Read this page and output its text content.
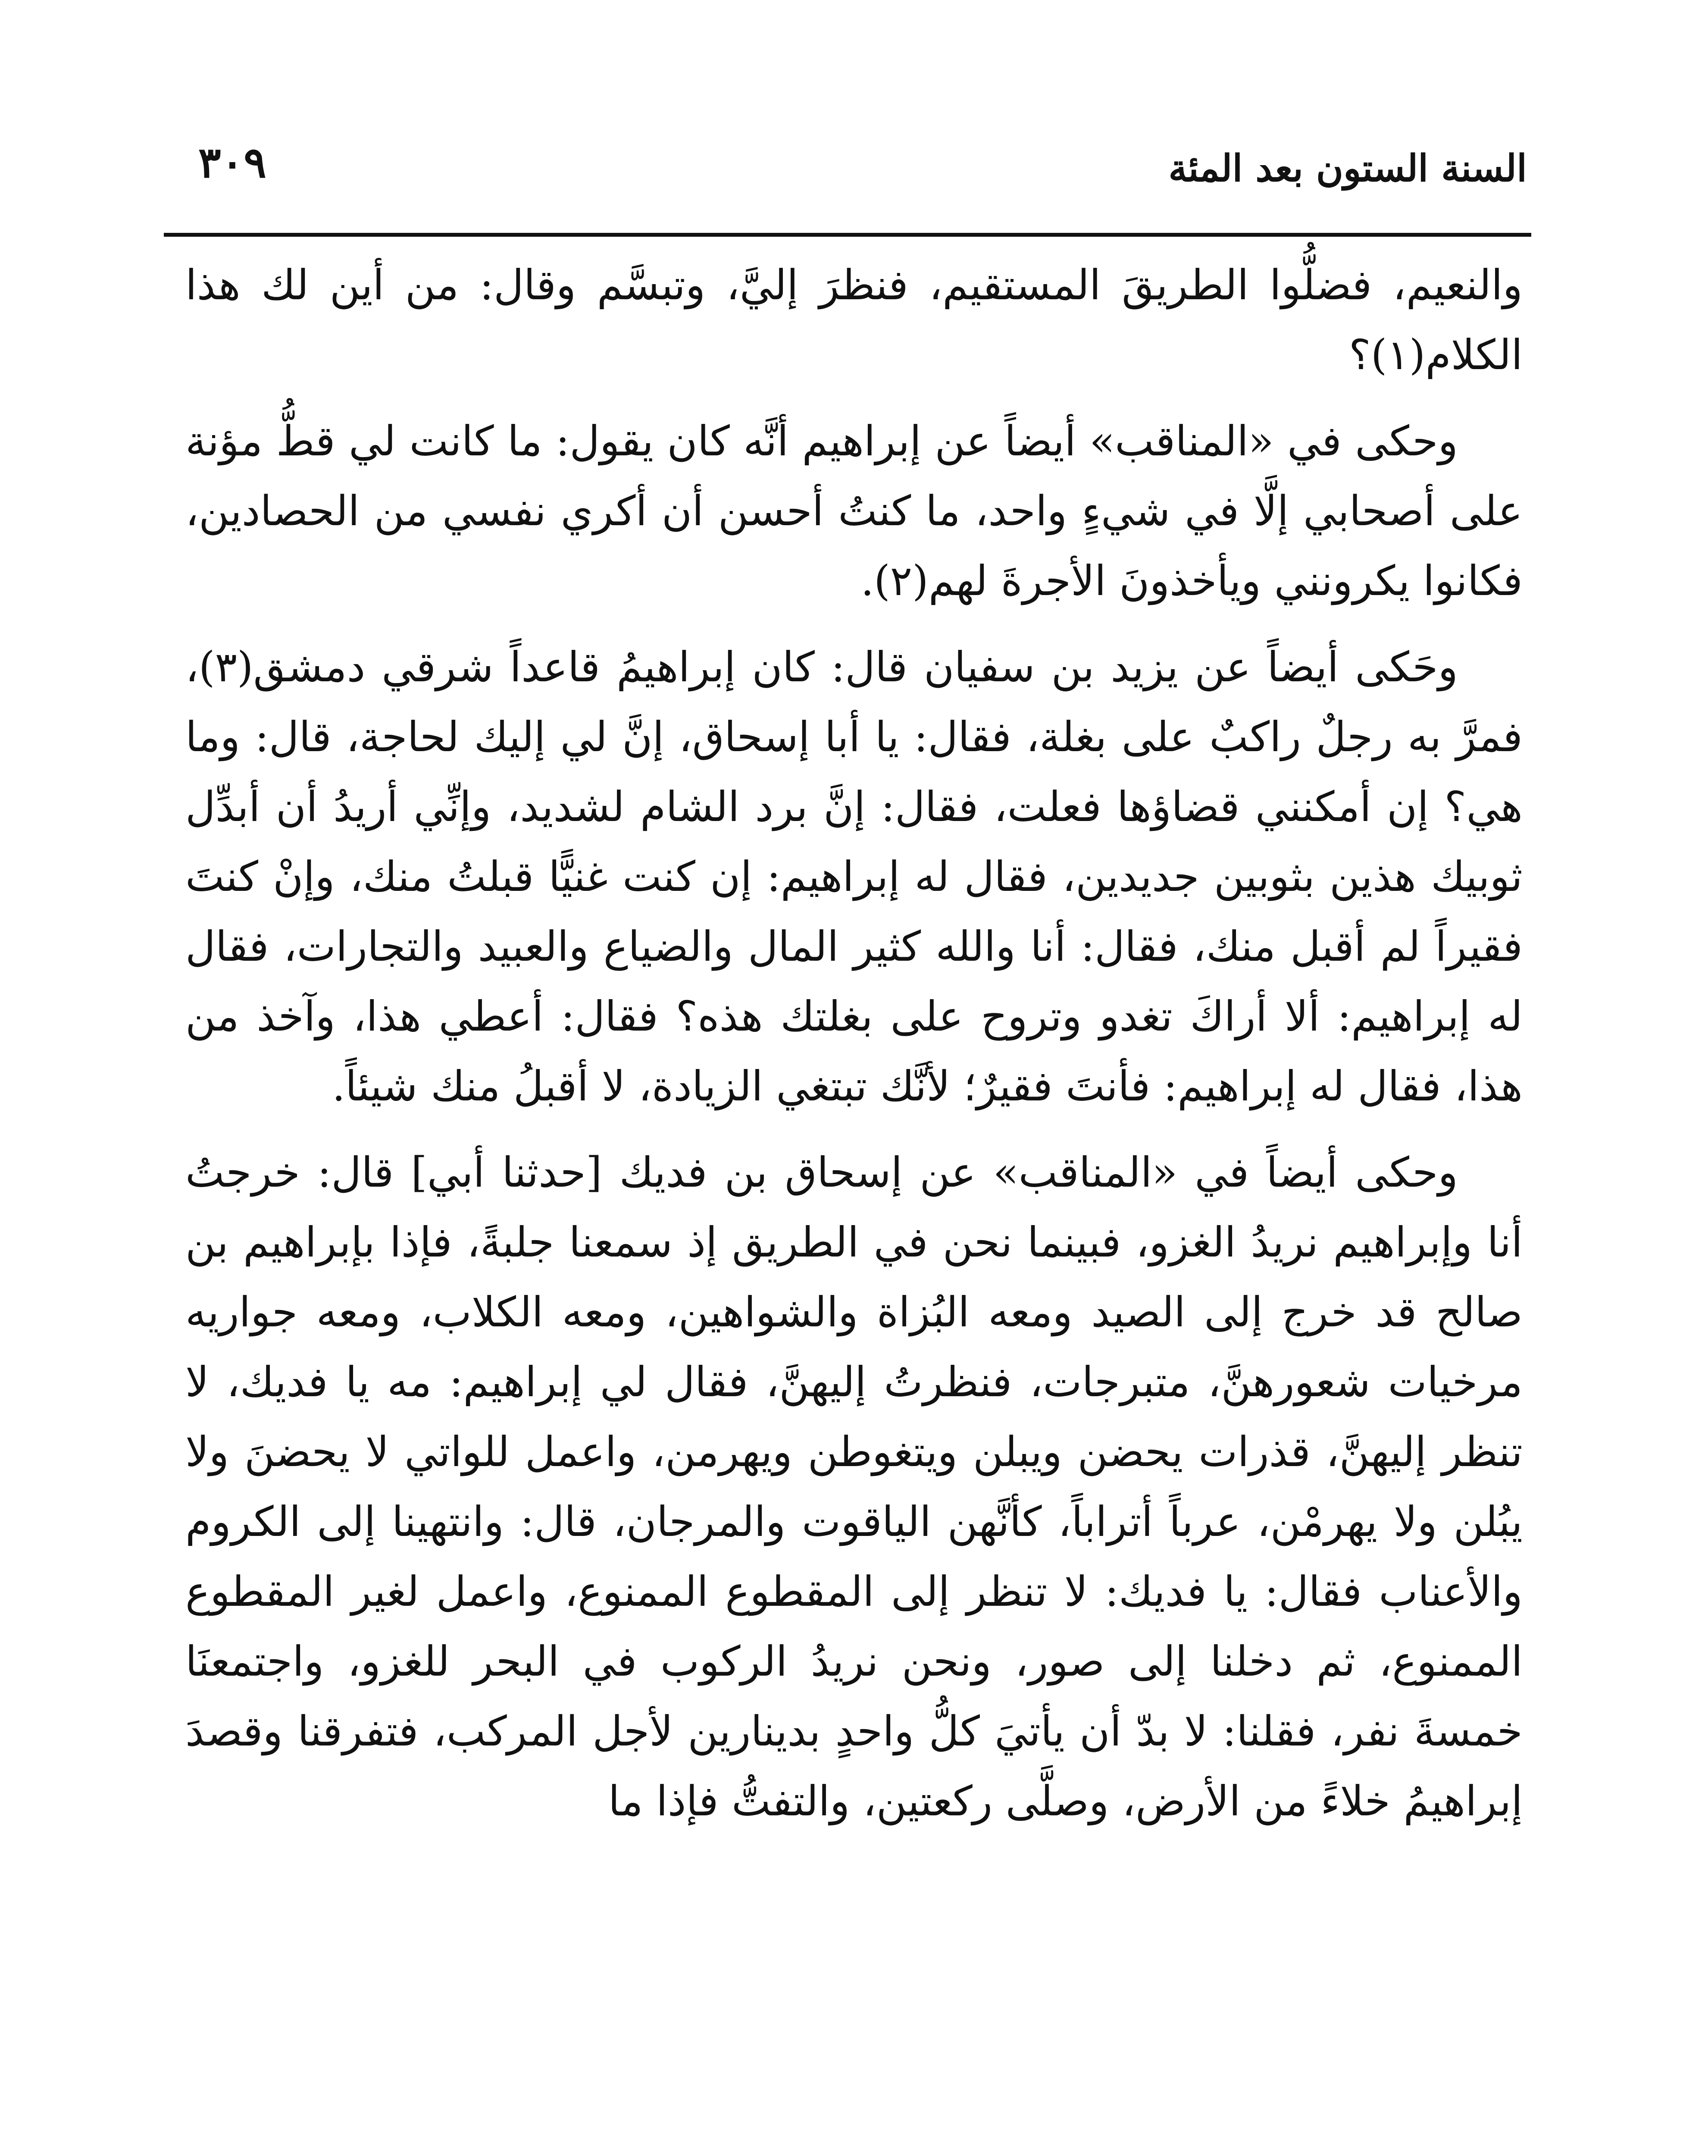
السنة الستون بعد المئة
٣٠٩

والنعيم، فضلُّوا الطريقَ المستقيم، فنظرَ إليَّ، وتبسَّم وقال: من أين لك هذا الكلام(١)؟

وحكى في «المناقب» أيضاً عن إبراهيم أنَّه كان يقول: ما كانت لي قطُّ مؤنة على أصحابي إلَّا في شيءٍ واحد، ما كنتُ أحسن أن أكري نفسي من الحصادين، فكانوا يكرونني ويأخذونَ الأجرةَ لهم(٢).

وحَكى أيضاً عن يزيد بن سفيان قال: كان إبراهيمُ قاعداً شرقي دمشق(٣)، فمرَّ به رجلٌ راكبٌ على بغلة، فقال: يا أبا إسحاق، إنَّ لي إليك لحاجة، قال: وما هي؟ إن أمكنني قضاؤها فعلت، فقال: إنَّ برد الشام لشديد، وإنِّي أريدُ أن أبدِّل ثوبيك هذين بثوبين جديدين، فقال له إبراهيم: إن كنت غنيًّا قبلتُ منك، وإنْ كنتَ فقيراً لم أقبل منك، فقال: أنا والله كثير المال والضياع والعبيد والتجارات، فقال له إبراهيم: ألا أراكَ تغدو وتروح على بغلتك هذه؟ فقال: أعطي هذا، وآخذ من هذا، فقال له إبراهيم: فأنتَ فقيرٌ؛ لأنَّك تبتغي الزيادة، لا أقبلُ منك شيئاً.

وحكى أيضاً في «المناقب» عن إسحاق بن فديك [حدثنا أبي] قال: خرجتُ أنا وإبراهيم نريدُ الغزو، فبينما نحن في الطريق إذ سمعنا جلبةً، فإذا بإبراهيم بن صالح قد خرج إلى الصيد ومعه البُزاة والشواهين، ومعه الكلاب، ومعه جواريه مرخيات شعورهنَّ، متبرجات، فنظرتُ إليهنَّ، فقال لي إبراهيم: مه يا فديك، لا تنظر إليهنَّ، قذرات يحضن ويبلن ويتغوطن ويهرمن، واعمل للواتي لا يحضنَ ولا يبُلن ولا يهرمْن، عرباً أتراباً، كأنَّهن الياقوت والمرجان، قال: وانتهينا إلى الكروم والأعناب فقال: يا فديك: لا تنظر إلى المقطوع الممنوع، واعمل لغير المقطوع الممنوع، ثم دخلنا إلى صور، ونحن نريدُ الركوب في البحر للغزو، واجتمعنَا خمسةَ نفر، فقلنا: لا بدّ أن يأتيَ كلُّ واحدٍ بدينارين لأجل المركب، فتفرقنا وقصدَ إبراهيمُ خلاءً من الأرض، وصلَّى ركعتين، والتفتُّ فإذا ما
